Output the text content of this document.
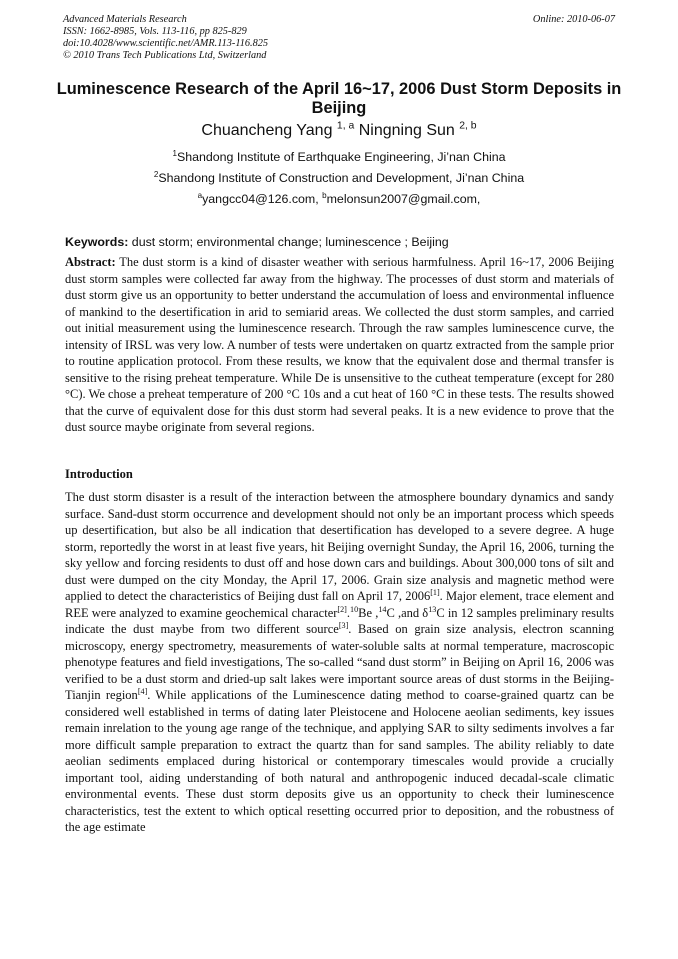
Advanced Materials Research
ISSN: 1662-8985, Vols. 113-116, pp 825-829
doi:10.4028/www.scientific.net/AMR.113-116.825
© 2010 Trans Tech Publications Ltd, Switzerland
Online: 2010-06-07
Luminescence Research of the April 16~17, 2006 Dust Storm Deposits in Beijing
Chuancheng Yang $^{1, a}$ Ningning Sun $^{2, b}$
$^1$Shandong Institute of Earthquake Engineering, Ji’nan China
$^2$Shandong Institute of Construction and Development, Ji’nan China
$^a$yangcc04@126.com, $^b$melonsun2007@gmail.com,
Keywords: dust storm; environmental change; luminescence ; Beijing
Abstract: The dust storm is a kind of disaster weather with serious harmfulness. April 16~17, 2006 Beijing dust storm samples were collected far away from the highway. The processes of dust storm and materials of dust storm give us an opportunity to better understand the accumulation of loess and environmental influence of mankind to the desertification in arid to semiarid areas. We collected the dust storm samples, and carried out initial measurement using the luminescence research. Through the raw samples luminescence curve, the intensity of IRSL was very low. A number of tests were undertaken on quartz extracted from the sample prior to routine application protocol. From these results, we know that the equivalent dose and thermal transfer is sensitive to the rising preheat temperature. While De is unsensitive to the cutheat temperature (except for 280 °C). We chose a preheat temperature of 200 °C 10s and a cut heat of 160 °C in these tests. The results showed that the curve of equivalent dose for this dust storm had several peaks. It is a new evidence to prove that the dust source maybe originate from several regions.
Introduction
The dust storm disaster is a result of the interaction between the atmosphere boundary dynamics and sandy surface. Sand-dust storm occurrence and development should not only be an important process which speeds up desertification, but also be all indication that desertification has developed to a severe degree. A huge storm, reportedly the worst in at least five years, hit Beijing overnight Sunday, the April 16, 2006, turning the sky yellow and forcing residents to dust off and hose down cars and buildings. About 300,000 tons of silt and dust were dumped on the city Monday, the April 17, 2006. Grain size analysis and magnetic method were applied to detect the characteristics of Beijing dust fall on April 17, 2006[1]. Major element, trace element and REE were analyzed to examine geochemical character[2].$^{10}$Be ,$^{14}$C ,and $\delta^{13}C$ in 12 samples preliminary results indicate the dust maybe from two different source[3]. Based on grain size analysis, electron scanning microscopy, energy spectrometry, measurements of water-soluble salts at normal temperature, macroscopic phenotype features and field investigations, The so-called “sand dust storm” in Beijing on April 16, 2006 was verified to be a dust storm and dried-up salt lakes were important source areas of dust storms in the Beijing-Tianjin region[4]. While applications of the Luminescence dating method to coarse-grained quartz can be considered well established in terms of dating later Pleistocene and Holocene aeolian sediments, key issues remain inrelation to the young age range of the technique, and applying SAR to silty sediments involves a far more difficult sample preparation to extract the quartz than for sand samples. The ability reliably to date aeolian sediments emplaced during historical or contemporary timescales would provide a crucially important tool, aiding understanding of both natural and anthropogenic induced decadal-scale climatic environmental events. These dust storm deposits give us an opportunity to check their luminescence characteristics, test the extent to which optical resetting occurred prior to deposition, and the robustness of the age estimate
